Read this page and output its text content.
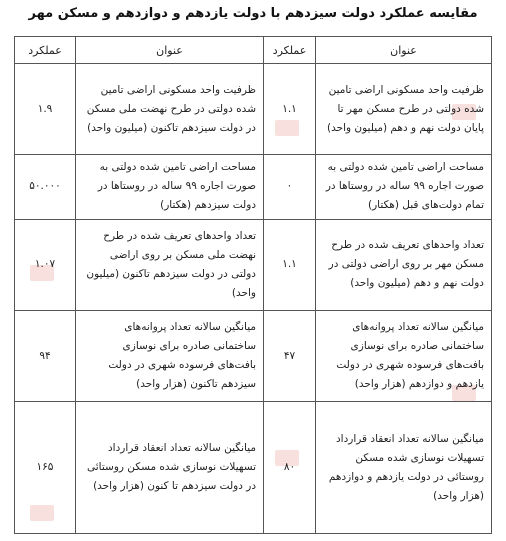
مقایسه عملکرد دولت سیزدهم با دولت یازدهم و دوازدهم و مسکن مهر
عنوان	عملکرد	عنوان	عملکرد
ظرفیت واحد مسکونی اراضی تامین شده دولتی در طرح مسکن مهر تا پایان دولت نهم و دهم (میلیون واحد)	۱.۱	ظرفیت واحد مسکونی اراضی تامین شده دولتی در طرح نهضت ملی مسکن در دولت سیزدهم تاکنون (میلیون واحد)	۱.۹
مساحت اراضی تامین شده دولتی به صورت اجاره ۹۹ ساله در روستاها در تمام دولت‌های قبل (هکتار)	۰	مساحت اراضی تامین شده دولتی به صورت اجاره ۹۹ ساله در روستاها در دولت سیزدهم (هکتار)	۵۰.۰۰۰
تعداد واحدهای تعریف شده در طرح مسکن مهر بر روی اراضی دولتی در دولت نهم و دهم (میلیون واحد)	۱.۱	تعداد واحدهای تعریف شده در طرح نهضت ملی مسکن بر روی اراضی دولتی در دولت سیزدهم تاکنون (میلیون واحد)	۱.۰۷
میانگین سالانه تعداد پروانه‌های ساختمانی صادره برای نوسازی بافت‌های فرسوده شهری در دولت یازدهم و دوازدهم (هزار واحد)	۴۷	میانگین سالانه تعداد پروانه‌های ساختمانی صادره برای نوسازی بافت‌های فرسوده شهری در دولت سیزدهم تاکنون (هزار واحد)	۹۴
میانگین سالانه تعداد انعقاد قرارداد تسهیلات نوسازی شده مسکن روستائی در دولت یازدهم و دوازدهم (هزار واحد)	۸۰	میانگین سالانه تعداد انعقاد قرارداد تسهیلات نوسازی شده مسکن روستائی در دولت سیزدهم تا کنون (هزار واحد)	۱۶۵
